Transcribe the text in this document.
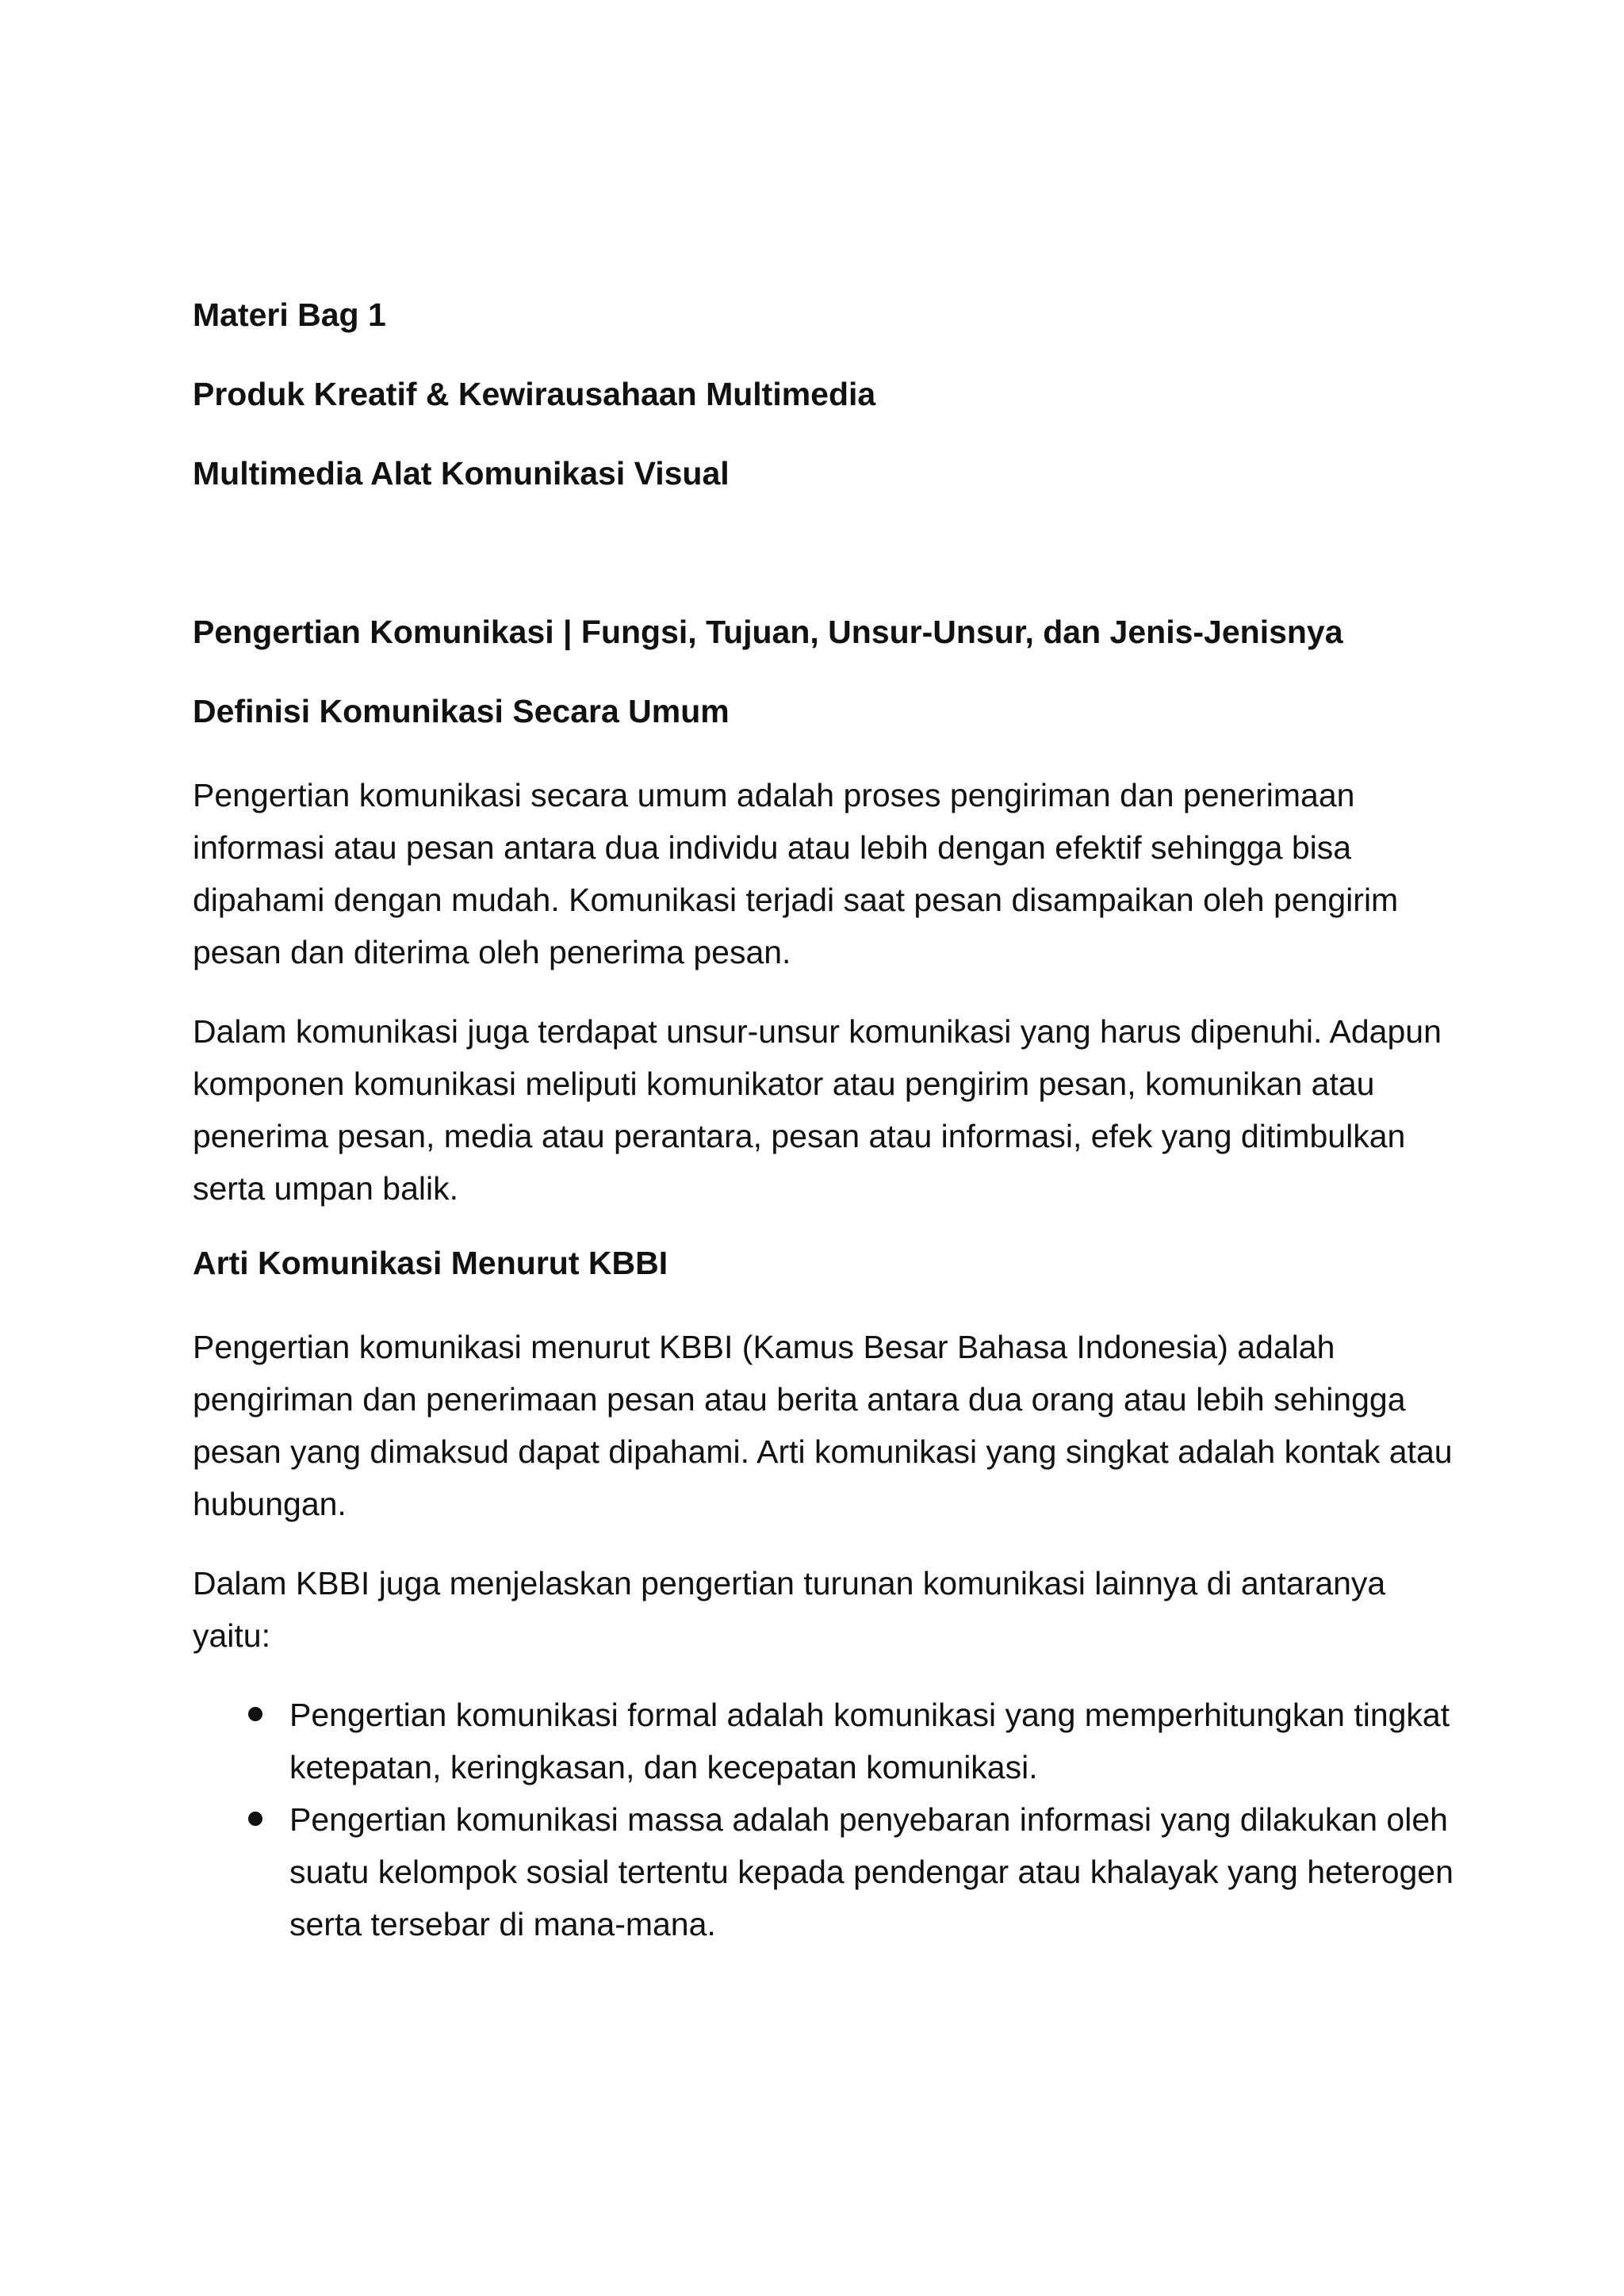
Materi Bag 1
Produk Kreatif & Kewirausahaan Multimedia
Multimedia Alat Komunikasi Visual
Pengertian Komunikasi | Fungsi, Tujuan, Unsur-Unsur, dan Jenis-Jenisnya
Definisi Komunikasi Secara Umum

Pengertian komunikasi secara umum adalah proses pengiriman dan penerimaan informasi atau pesan antara dua individu atau lebih dengan efektif sehingga bisa dipahami dengan mudah. Komunikasi terjadi saat pesan disampaikan oleh pengirim pesan dan diterima oleh penerima pesan.

Dalam komunikasi juga terdapat unsur-unsur komunikasi yang harus dipenuhi. Adapun komponen komunikasi meliputi komunikator atau pengirim pesan, komunikan atau penerima pesan, media atau perantara, pesan atau informasi, efek yang ditimbulkan serta umpan balik.

Arti Komunikasi Menurut KBBI

Pengertian komunikasi menurut KBBI (Kamus Besar Bahasa Indonesia) adalah pengiriman dan penerimaan pesan atau berita antara dua orang atau lebih sehingga pesan yang dimaksud dapat dipahami. Arti komunikasi yang singkat adalah kontak atau hubungan.

Dalam KBBI juga menjelaskan pengertian turunan komunikasi lainnya di antaranya yaitu:

Pengertian komunikasi formal adalah komunikasi yang memperhitungkan tingkat ketepatan, keringkasan, dan kecepatan komunikasi.
Pengertian komunikasi massa adalah penyebaran informasi yang dilakukan oleh suatu kelompok sosial tertentu kepada pendengar atau khalayak yang heterogen serta tersebar di mana-mana.
